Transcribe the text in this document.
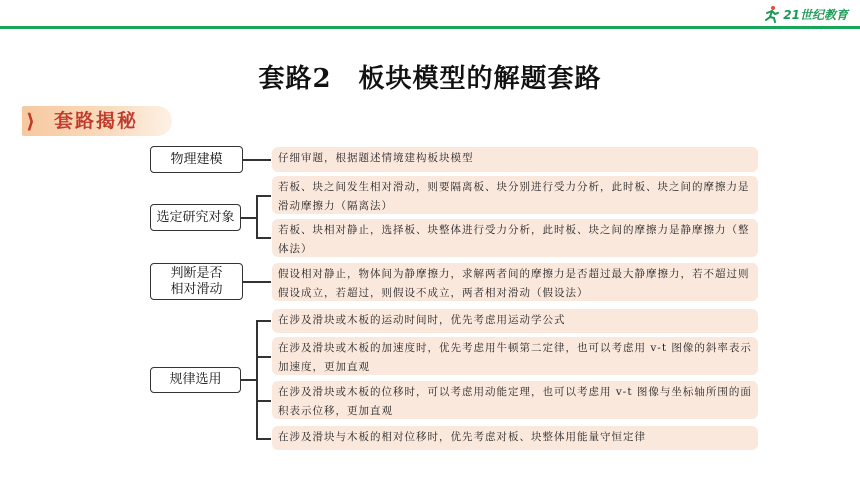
21世纪教育
套路2　板块模型的解题套路
⟩ 套路揭秘
物理建模
选定研究对象
判断是否
相对滑动
规律选用
仔细审题，根据题述情境建构板块模型
若板、块之间发生相对滑动，则要隔离板、块分别进行受力分析，此时板、块之间的摩擦力是滑动摩擦力（隔离法）
若板、块相对静止，选择板、块整体进行受力分析，此时板、块之间的摩擦力是静摩擦力（整体法）
假设相对静止，物体间为静摩擦力，求解两者间的摩擦力是否超过最大静摩擦力，若不超过则假设成立，若超过，则假设不成立，两者相对滑动（假设法）
在涉及滑块或木板的运动时间时，优先考虑用运动学公式
在涉及滑块或木板的加速度时，优先考虑用牛顿第二定律，也可以考虑用 v-t 图像的斜率表示加速度，更加直观
在涉及滑块或木板的位移时，可以考虑用动能定理，也可以考虑用 v-t 图像与坐标轴所围的面积表示位移，更加直观
在涉及滑块与木板的相对位移时，优先考虑对板、块整体用能量守恒定律
